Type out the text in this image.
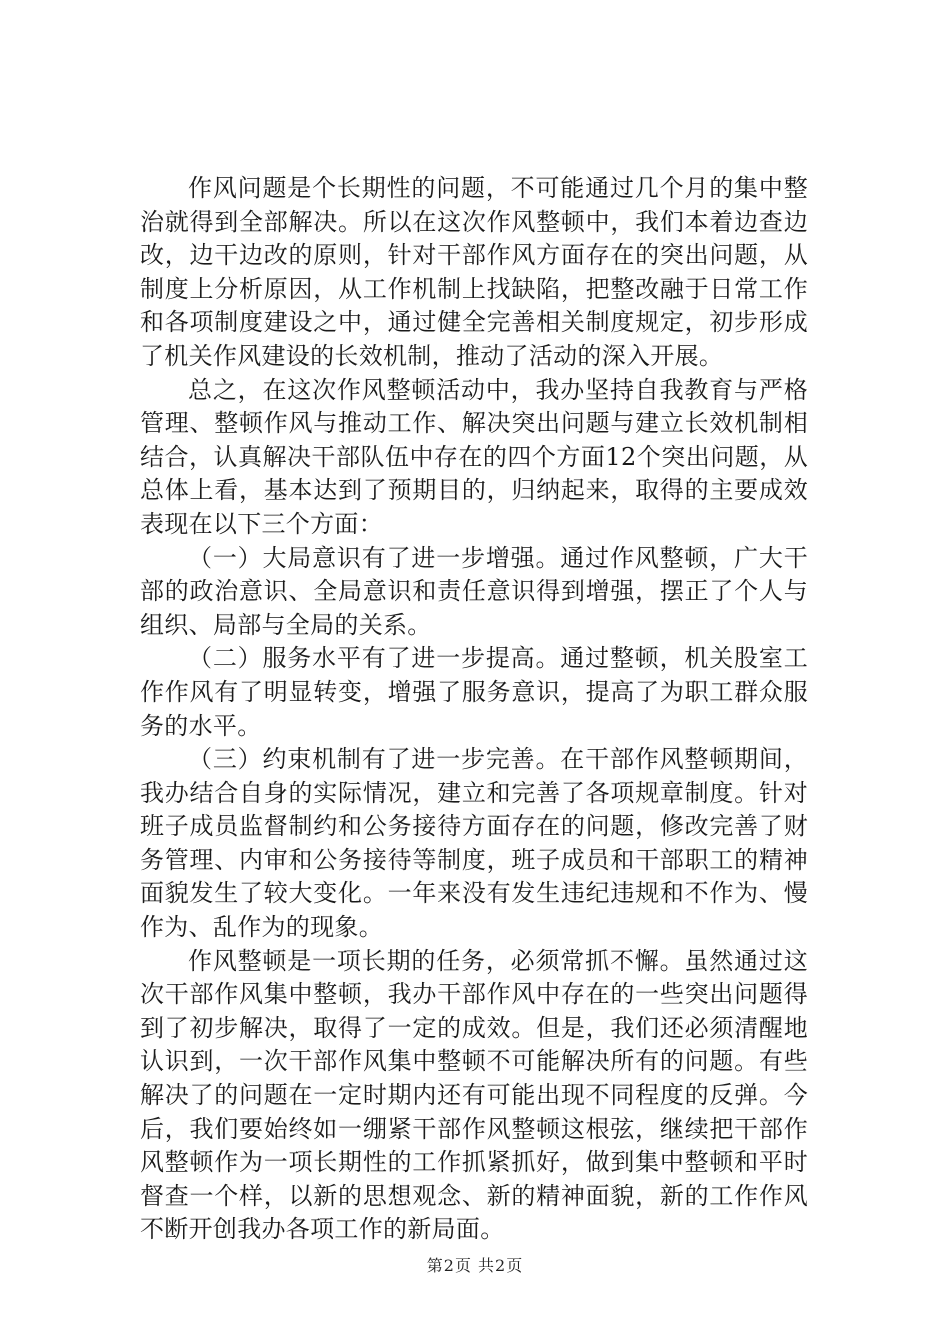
作风问题是个长期性的问题，不可能通过几个月的集中整治就得到全部解决。所以在这次作风整顿中，我们本着边查边改，边干边改的原则，针对干部作风方面存在的突出问题，从制度上分析原因，从工作机制上找缺陷，把整改融于日常工作和各项制度建设之中，通过健全完善相关制度规定，初步形成了机关作风建设的长效机制，推动了活动的深入开展。

总之，在这次作风整顿活动中，我办坚持自我教育与严格管理、整顿作风与推动工作、解决突出问题与建立长效机制相结合，认真解决干部队伍中存在的四个方面12个突出问题，从总体上看，基本达到了预期目的，归纳起来，取得的主要成效表现在以下三个方面：

（一）大局意识有了进一步增强。通过作风整顿，广大干部的政治意识、全局意识和责任意识得到增强，摆正了个人与组织、局部与全局的关系。

（二）服务水平有了进一步提高。通过整顿，机关股室工作作风有了明显转变，增强了服务意识，提高了为职工群众服务的水平。

（三）约束机制有了进一步完善。在干部作风整顿期间，我办结合自身的实际情况，建立和完善了各项规章制度。针对班子成员监督制约和公务接待方面存在的问题，修改完善了财务管理、内审和公务接待等制度，班子成员和干部职工的精神面貌发生了较大变化。一年来没有发生违纪违规和不作为、慢作为、乱作为的现象。

作风整顿是一项长期的任务，必须常抓不懈。虽然通过这次干部作风集中整顿，我办干部作风中存在的一些突出问题得到了初步解决，取得了一定的成效。但是，我们还必须清醒地认识到，一次干部作风集中整顿不可能解决所有的问题。有些解决了的问题在一定时期内还有可能出现不同程度的反弹。今后，我们要始终如一绷紧干部作风整顿这根弦，继续把干部作风整顿作为一项长期性的工作抓紧抓好，做到集中整顿和平时督查一个样，以新的思想观念、新的精神面貌，新的工作作风不断开创我办各项工作的新局面。

第2页 共2页
